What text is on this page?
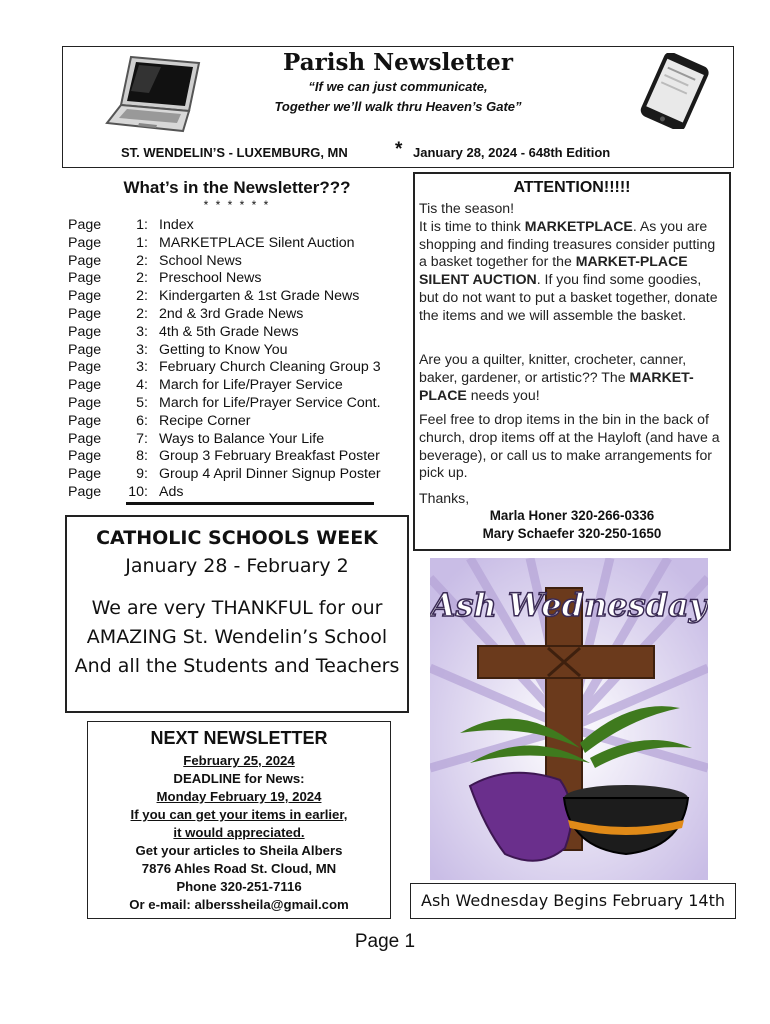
Parish Newsletter
“If we can just communicate,
Together we’ll walk thru Heaven’s Gate”
ST. WENDELIN’S - LUXEMBURG, MN * January 28, 2024 - 648th Edition
What’s in the Newsletter???
* * * * * *
Page	1: Index
Page	1: MARKETPLACE Silent Auction
Page	2: School News
Page	2: Preschool News
Page	2: Kindergarten & 1st Grade News
Page	2: 2nd & 3rd Grade News
Page	3: 4th & 5th Grade News
Page	3: Getting to Know You
Page	3: February Church Cleaning Group 3
Page	4: March for Life/Prayer Service
Page	5: March for Life/Prayer Service Cont.
Page	6: Recipe Corner
Page	7: Ways to Balance Your Life
Page	8: Group 3 February Breakfast Poster
Page	9: Group 4 April Dinner Signup Poster
Page	10: Ads
ATTENTION!!!!!
Tis the season!
It is time to think MARKETPLACE. As you are shopping and finding treasures consider putting a basket together for the MARKET-PLACE SILENT AUCTION. If you find some goodies, but do not want to put a basket together, donate the items and we will assemble the basket.
Are you a quilter, knitter, crocheter, canner, baker, gardener, or artistic?? The MARKET-PLACE needs you!
Feel free to drop items in the bin in the back of church, drop items off at the Hayloft (and have a beverage), or call us to make arrangements for pick up.
Thanks,
Marla Honer 320-266-0336
Mary Schaefer 320-250-1650
CATHOLIC SCHOOLS WEEK
January 28 - February 2
We are very THANKFUL for our
AMAZING St. Wendelin’s School
And all the Students and Teachers
NEXT NEWSLETTER
February 25, 2024
DEADLINE for News:
Monday February 19, 2024
If you can get your items in earlier,
it would appreciated.
Get your articles to Sheila Albers
7876 Ahles Road St. Cloud, MN
Phone 320-251-7116
Or e-mail: alberssheila@gmail.com
Ash Wednesday
Ash Wednesday Begins February 14th
Page 1
